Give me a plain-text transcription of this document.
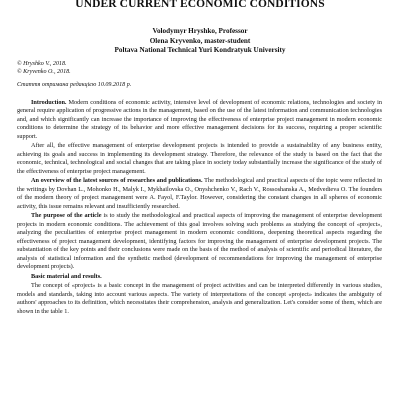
UNDER CURRENT ECONOMIC CONDITIONS
Volodymyr Hryshko, Professor
Olena Kryvenko, master-student
Poltava National Technical Yuri Kondratyuk University
© Hryshko V., 2018.
© Kryvenko O., 2018.
Стаття отримана редакцією 10.09.2018 р.

Introduction. Modern conditions of economic activity, intensive level of development of economic relations, technologies and society in general require application of progressive actions in the management, based on the use of the latest information and communication technologies and, and which significantly can increase the importance of improving the effectiveness of enterprise project management in modern economic conditions to determine the strategy of its behavior and more effective management decisions for its success, requiring a proper scientific support.

After all, the effective management of enterprise development projects is intended to provide a sustainability of any business entity, achieving its goals and success in implementing its development strategy. Therefore, the relevance of the study is based on the fact that the economic, technical, technological and social changes that are taking place in society today substantially increase the significance of the study of the effectiveness of enterprise project management.

An overview of the latest sources of researches and publications. The methodological and practical aspects of the topic were reflected in the writings by Dovhan L., Mohonko H., Malyk I., Mykhailovska O., Onyshchenko V., Rach V., Rossoshanska A., Medvedieva O. The founders of the modern theory of project management were A. Fayol, F.Taylor. However, considering the constant changes in all spheres of economic activity, this issue remains relevant and insufficiently researched.

The purpose of the article is to study the methodological and practical aspects of improving the management of enterprise development projects in modern economic conditions. The achievement of this goal involves solving such problems as studying the concept of «project», analyzing the peculiarities of enterprise project management in modern economic conditions, deepening theoretical aspects regarding the effectiveness of project management development, identifying factors for improving the management of enterprise development projects. The substantiation of the key points and their conclusions were made on the basis of the method of analysis of scientific and periodical literature, the analysis of statistical information and the synthetic method (development of recommendations for improving the management of enterprise development projects).

Basic material and results.

The concept of «project» is a basic concept in the management of project activities and can be interpreted differently in various studies, models and standards, taking into account various aspects. The variety of interpretations of the concept «project» indicates the ambiguity of authors' approaches to its definition, which necessitates their comprehension, analysis and generalization. Let's consider some of them, which are shown in the table 1.
